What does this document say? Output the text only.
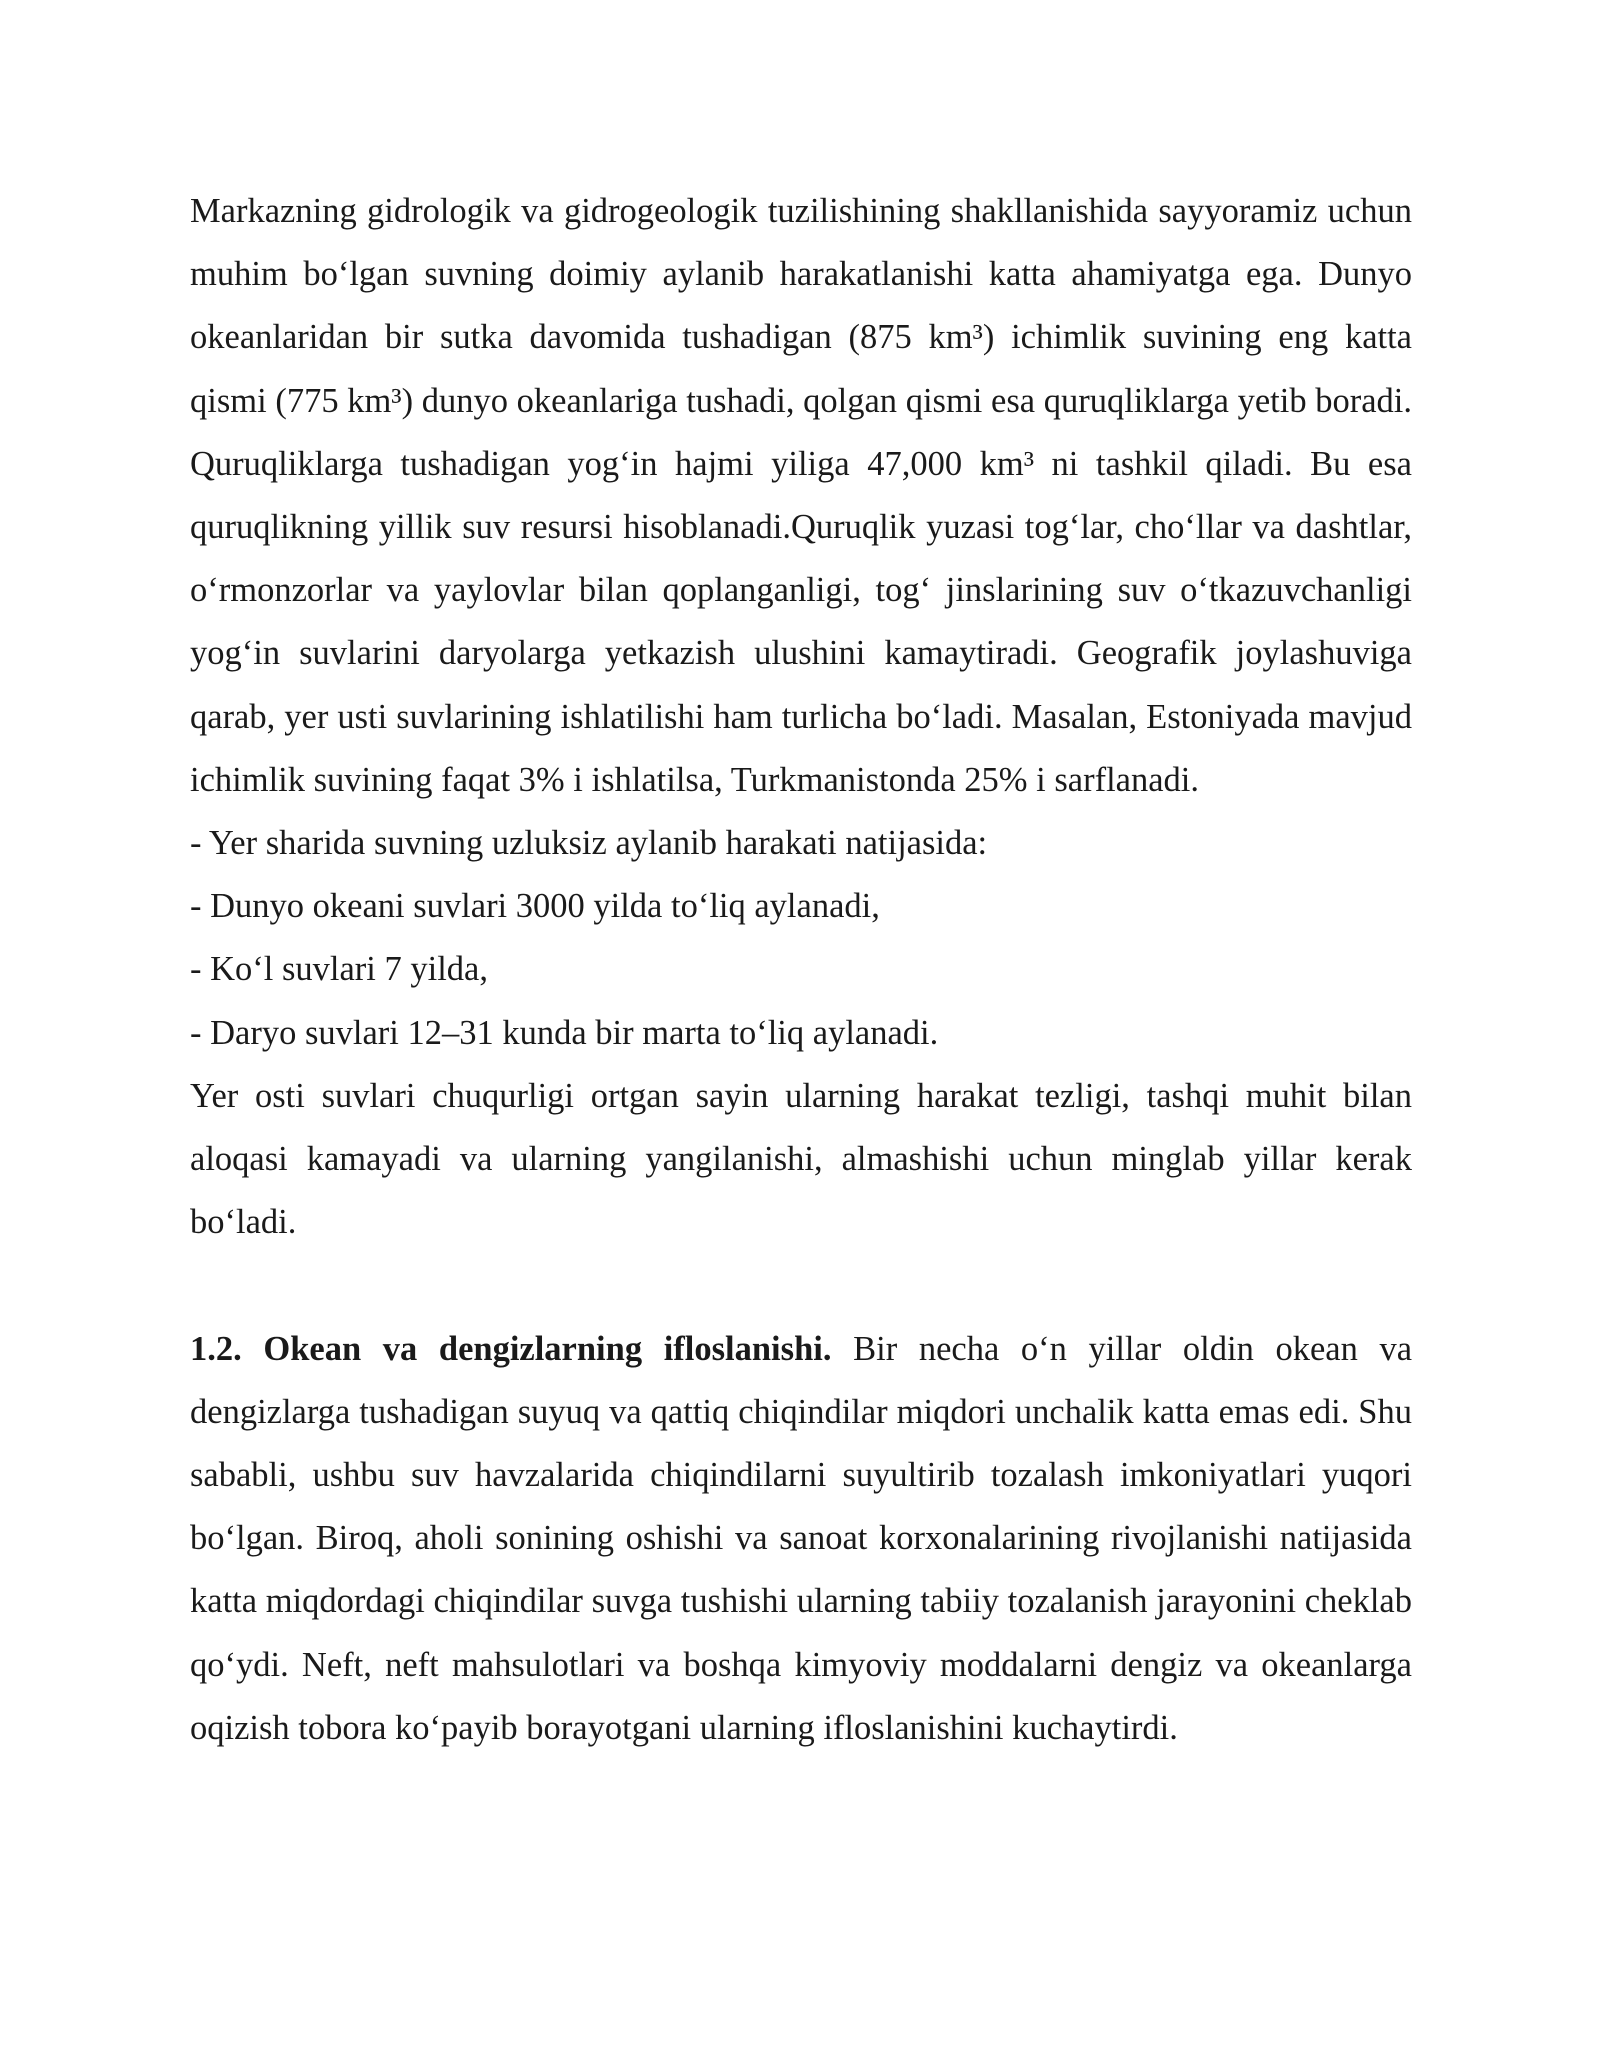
Markazning gidrologik va gidrogeologik tuzilishining shakllanishida sayyoramiz uchun muhim bo‘lgan suvning doimiy aylanib harakatlanishi katta ahamiyatga ega. Dunyo okeanlaridan bir sutka davomida tushadigan (875 km³) ichimlik suvining eng katta qismi (775 km³) dunyo okeanlariga tushadi, qolgan qismi esa quruqliklarga yetib boradi. Quruqliklarga tushadigan yog‘in hajmi yiliga 47,000 km³ ni tashkil qiladi. Bu esa quruqlikning yillik suv resursi hisoblanadi.Quruqlik yuzasi tog‘lar, cho‘llar va dashtlar, o‘rmonzorlar va yaylovlar bilan qoplanganligi, tog‘ jinslarining suv o‘tkazuvchanligi yog‘in suvlarini daryolarga yetkazish ulushini kamaytiradi. Geografik joylashuviga qarab, yer usti suvlarining ishlatilishi ham turlicha bo‘ladi. Masalan, Estoniyada mavjud ichimlik suvining faqat 3% i ishlatilsa, Turkmanistonda 25% i sarflanadi.

- Yer sharida suvning uzluksiz aylanib harakati natijasida:

- Dunyo okeani suvlari 3000 yilda to‘liq aylanadi,

- Ko‘l suvlari 7 yilda,

- Daryo suvlari 12–31 kunda bir marta to‘liq aylanadi.

Yer osti suvlari chuqurligi ortgan sayin ularning harakat tezligi, tashqi muhit bilan aloqasi kamayadi va ularning yangilanishi, almashishi uchun minglab yillar kerak bo‘ladi.

1.2. Okean va dengizlarning ifloslanishi. Bir necha o‘n yillar oldin okean va dengizlarga tushadigan suyuq va qattiq chiqindilar miqdori unchalik katta emas edi. Shu sababli, ushbu suv havzalarida chiqindilarni suyultirib tozalash imkoniyatlari yuqori bo‘lgan. Biroq, aholi sonining oshishi va sanoat korxonalarining rivojlanishi natijasida katta miqdordagi chiqindilar suvga tushishi ularning tabiiy tozalanish jarayonini cheklab qo‘ydi. Neft, neft mahsulotlari va boshqa kimyoviy moddalarni dengiz va okeanlarga oqizish tobora ko‘payib borayotgani ularning ifloslanishini kuchaytirdi.
